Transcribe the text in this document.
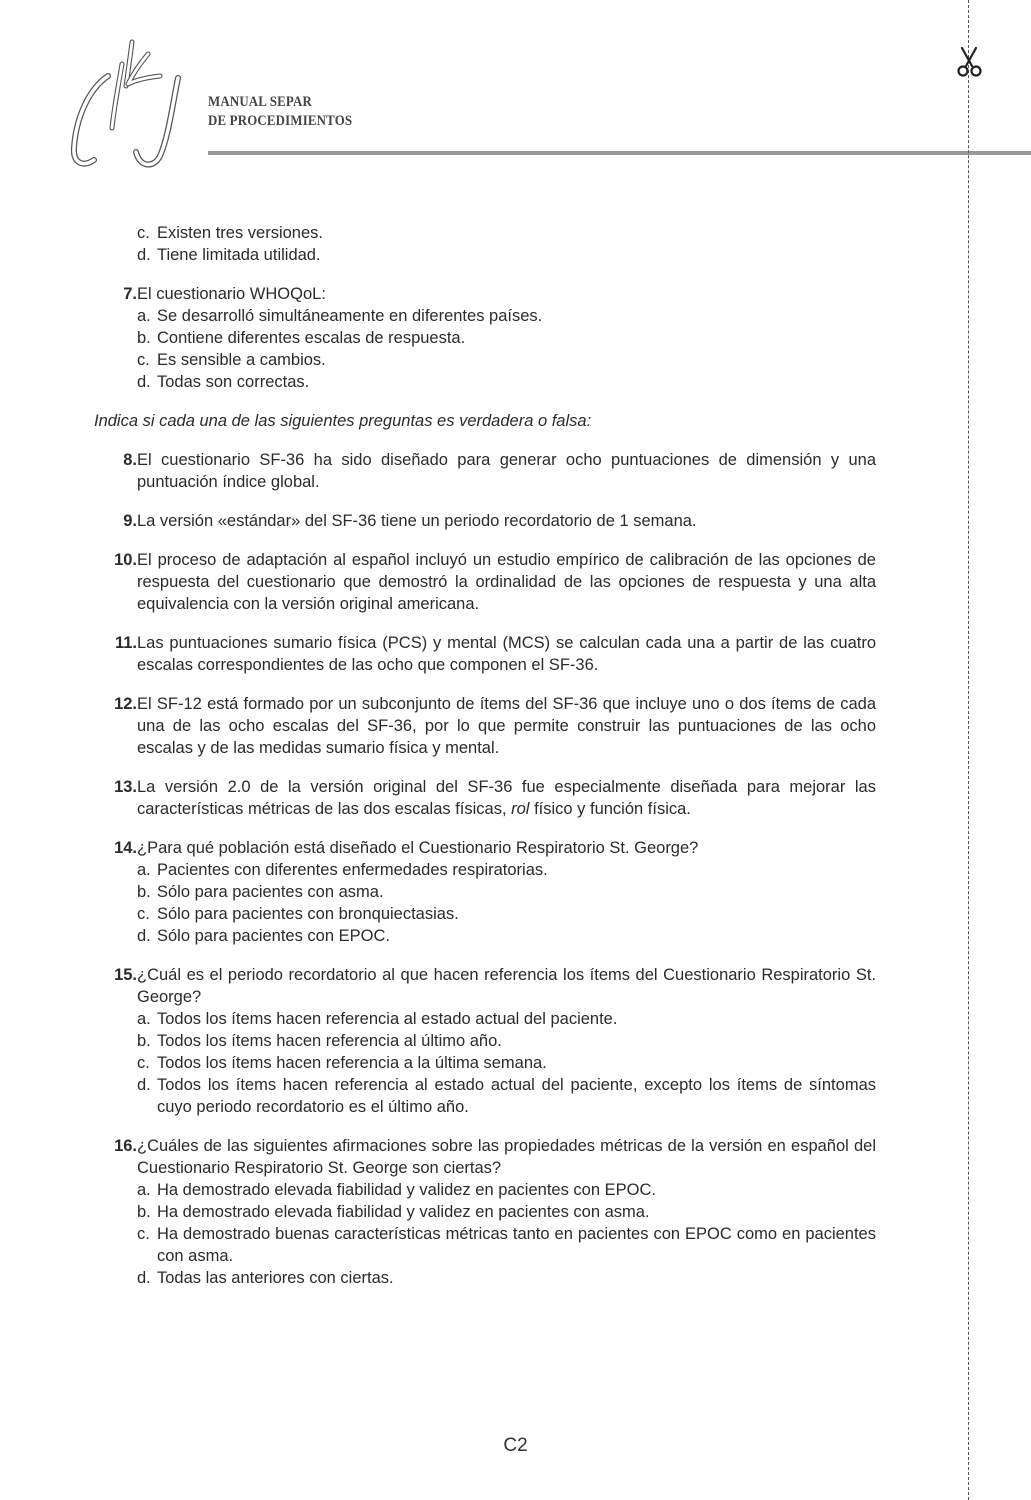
MANUAL SEPAR
DE PROCEDIMIENTOS
c. Existen tres versiones.
d. Tiene limitada utilidad.
7. El cuestionario WHOQoL:
a. Se desarrolló simultáneamente en diferentes países.
b. Contiene diferentes escalas de respuesta.
c. Es sensible a cambios.
d. Todas son correctas.
Indica si cada una de las siguientes preguntas es verdadera o falsa:
8. El cuestionario SF-36 ha sido diseñado para generar ocho puntuaciones de dimensión y una puntuación índice global.
9. La versión «estándar» del SF-36 tiene un periodo recordatorio de 1 semana.
10. El proceso de adaptación al español incluyó un estudio empírico de calibración de las opciones de respuesta del cuestionario que demostró la ordinalidad de las opciones de respuesta y una alta equivalencia con la versión original americana.
11. Las puntuaciones sumario física (PCS) y mental (MCS) se calculan cada una a partir de las cuatro escalas correspondientes de las ocho que componen el SF-36.
12. El SF-12 está formado por un subconjunto de ítems del SF-36 que incluye uno o dos ítems de cada una de las ocho escalas del SF-36, por lo que permite construir las puntuaciones de las ocho escalas y de las medidas sumario física y mental.
13. La versión 2.0 de la versión original del SF-36 fue especialmente diseñada para mejorar las características métricas de las dos escalas físicas, rol físico y función física.
14. ¿Para qué población está diseñado el Cuestionario Respiratorio St. George?
a. Pacientes con diferentes enfermedades respiratorias.
b. Sólo para pacientes con asma.
c. Sólo para pacientes con bronquiectasias.
d. Sólo para pacientes con EPOC.
15. ¿Cuál es el periodo recordatorio al que hacen referencia los ítems del Cuestionario Respiratorio St. George?
a. Todos los ítems hacen referencia al estado actual del paciente.
b. Todos los ítems hacen referencia al último año.
c. Todos los ítems hacen referencia a la última semana.
d. Todos los ítems hacen referencia al estado actual del paciente, excepto los ítems de síntomas cuyo periodo recordatorio es el último año.
16. ¿Cuáles de las siguientes afirmaciones sobre las propiedades métricas de la versión en español del Cuestionario Respiratorio St. George son ciertas?
a. Ha demostrado elevada fiabilidad y validez en pacientes con EPOC.
b. Ha demostrado elevada fiabilidad y validez en pacientes con asma.
c. Ha demostrado buenas características métricas tanto en pacientes con EPOC como en pacientes con asma.
d. Todas las anteriores con ciertas.
C2
